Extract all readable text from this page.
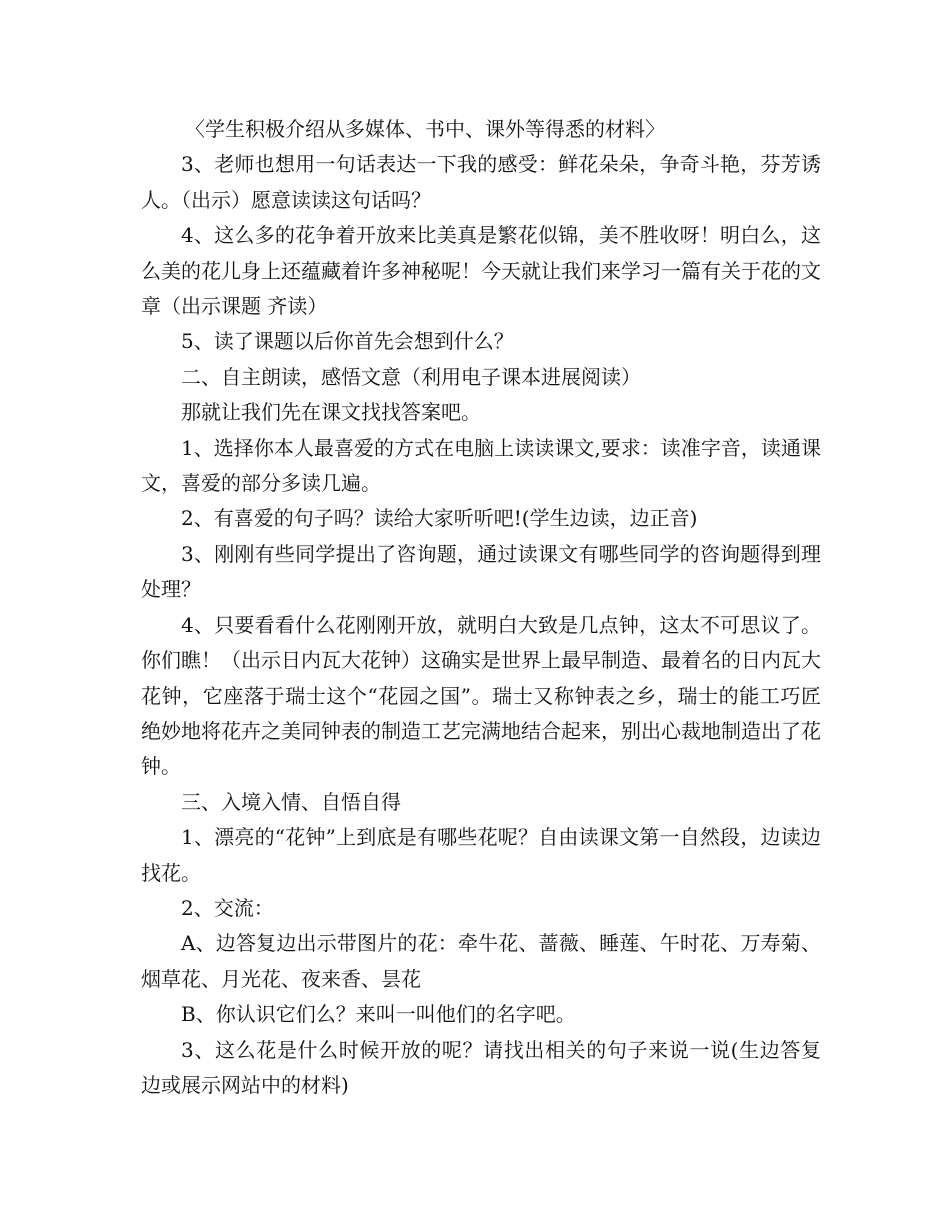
〈学生积极介绍从多媒体、书中、课外等得悉的材料〉

3、老师也想用一句话表达一下我的感受：鲜花朵朵，争奇斗艳，芬芳诱人。（出示）愿意读读这句话吗？

4、这么多的花争着开放来比美真是繁花似锦，美不胜收呀！明白么，这么美的花儿身上还蕴藏着许多神秘呢！今天就让我们来学习一篇有关于花的文章（出示课题 齐读）

5、读了课题以后你首先会想到什么？

二、自主朗读，感悟文意（利用电子课本进展阅读）

那就让我们先在课文找找答案吧。

1、选择你本人最喜爱的方式在电脑上读读课文,要求：读准字音，读通课文，喜爱的部分多读几遍。

2、有喜爱的句子吗？读给大家听听吧!(学生边读，边正音)

3、刚刚有些同学提出了咨询题，通过读课文有哪些同学的咨询题得到理处理？

4、只要看看什么花刚刚开放，就明白大致是几点钟，这太不可思议了。你们瞧！（出示日内瓦大花钟）这确实是世界上最早制造、最着名的日内瓦大花钟，它座落于瑞士这个“花园之国”。瑞士又称钟表之乡，瑞士的能工巧匠绝妙地将花卉之美同钟表的制造工艺完满地结合起来，别出心裁地制造出了花钟。

三、入境入情、自悟自得

1、漂亮的“花钟”上到底是有哪些花呢？自由读课文第一自然段，边读边找花。

2、交流：

A、边答复边出示带图片的花：牵牛花、蔷薇、睡莲、午时花、万寿菊、烟草花、月光花、夜来香、昙花

B、你认识它们么？来叫一叫他们的名字吧。

3、这么花是什么时候开放的呢？请找出相关的句子来说一说(生边答复边或展示网站中的材料)
